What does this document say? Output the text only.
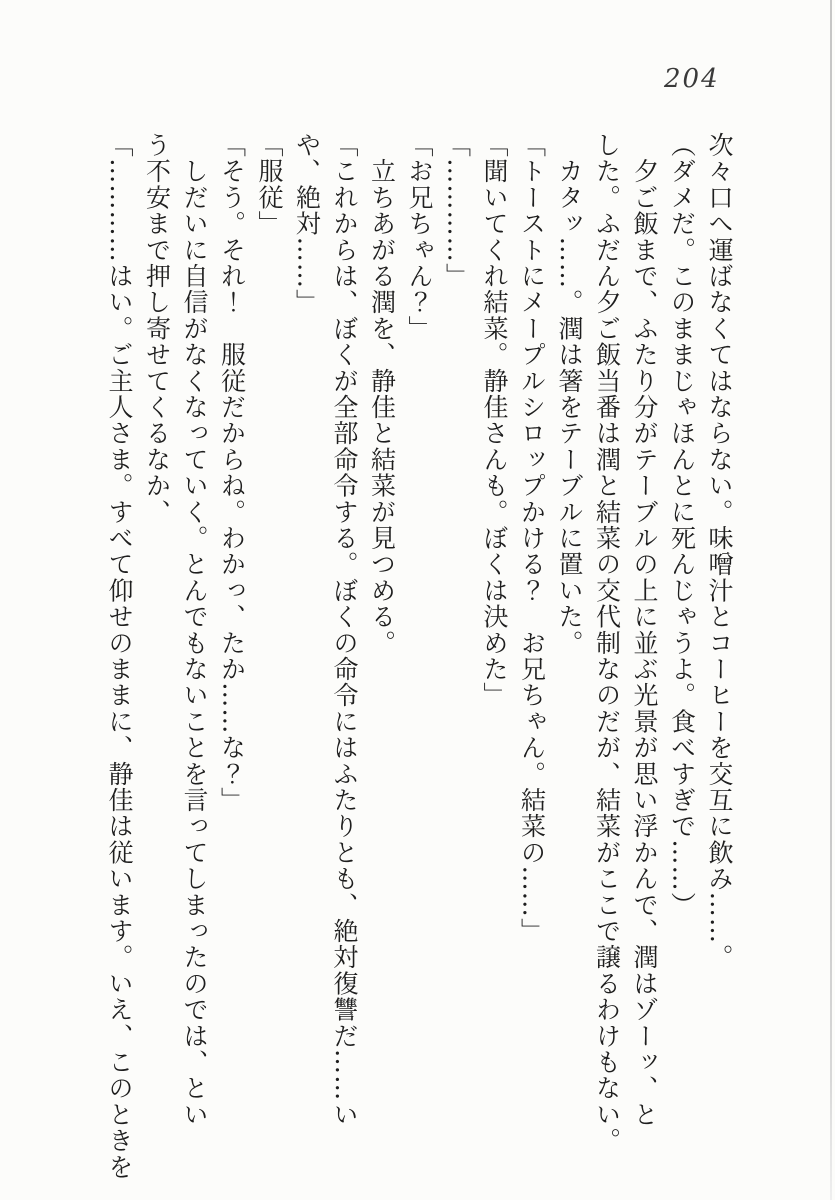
204

次々口へ運ばなくてはならない。味噌汁とコーヒーを交互に飲み……。

（ダメだ。このままじゃほんとに死んじゃうよ。食べすぎで……）

　夕ご飯まで、ふたり分がテーブルの上に並ぶ光景が思い浮かんで、潤はゾーッ、と

した。ふだん夕ご飯当番は潤と結菜の交代制なのだが、結菜がここで譲るわけもない。

　カタッ……。潤は箸をテーブルに置いた。

「トーストにメープルシロップかける？　お兄ちゃん。結菜の……」

「聞いてくれ結菜。静佳さんも。ぼくは決めた」

「…………」

「お兄ちゃん？」

　立ちあがる潤を、静佳と結菜が見つめる。

「これからは、ぼくが全部命令する。ぼくの命令にはふたりとも、絶対復讐だ……い

や、絶対……」

「服従」

「そう。それ！　服従だからね。わかっ、たか……な？」

　しだいに自信がなくなっていく。とんでもないことを言ってしまったのでは、とい

う不安まで押し寄せてくるなか、

「…………はい。ご主人さま。すべて仰せのままに、静佳は従います。いえ、このときを
